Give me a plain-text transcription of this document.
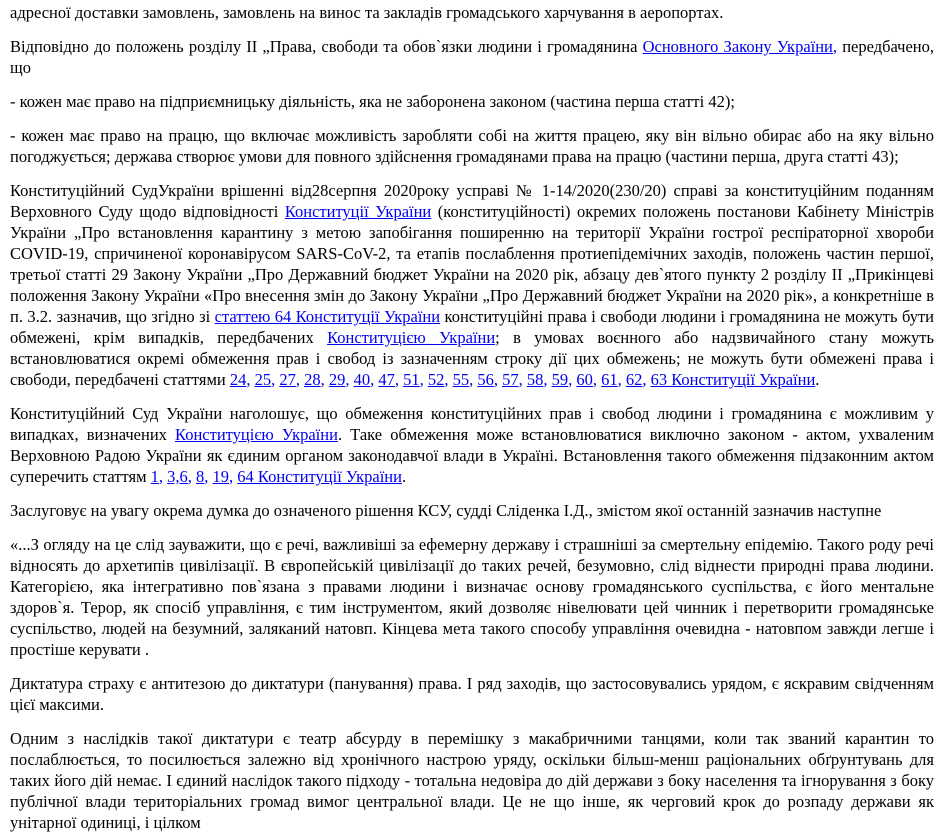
адресної доставки замовлень, замовлень на винос та закладів громадського харчування в аеропортах.

Відповідно до положень розділу ІІ „Права, свободи та обов`язки людини і громадянина Основного Закону України, передбачено, що

- кожен має право на підприємницьку діяльність, яка не заборонена законом (частина перша статті 42);

- кожен має право на працю, що включає можливість заробляти собі на життя працею, яку він вільно обирає або на яку вільно погоджується; держава створює умови для повного здійснення громадянами права на працю (частини перша, друга статті 43);

Конституційний СудУкраїни врішенні від28серпня 2020року усправі № 1-14/2020(230/20) справі за конституційним поданням Верховного Суду щодо відповідності Конституції України (конституційності) окремих положень постанови Кабінету Міністрів України „Про встановлення карантину з метою запобігання поширенню на території України гострої респіраторної хвороби COVID-19, спричиненої коронавірусом SARS-CoV-2, та етапів послаблення протиепідемічних заходів, положень частин першої, третьої статті 29 Закону України „Про Державний бюджет України на 2020 рік, абзацу дев`ятого пункту 2 розділу ІІ „Прикінцеві положення Закону України «Про внесення змін до Закону України „Про Державний бюджет України на 2020 рік», а конкретніше в п. 3.2. зазначив, що згідно зі статтею 64 Конституції України конституційні права і свободи людини і громадянина не можуть бути обмежені, крім випадків, передбачених Конституцією України; в умовах воєнного або надзвичайного стану можуть встановлюватися окремі обмеження прав і свобод із зазначенням строку дії цих обмежень; не можуть бути обмежені права і свободи, передбачені статтями 24, 25, 27, 28, 29, 40, 47, 51, 52, 55, 56, 57, 58, 59, 60, 61, 62, 63 Конституції України.

Конституційний Суд України наголошує, що обмеження конституційних прав і свобод людини і громадянина є можливим у випадках, визначених Конституцією України. Таке обмеження може встановлюватися виключно законом - актом, ухваленим Верховною Радою України як єдиним органом законодавчої влади в Україні. Встановлення такого обмеження підзаконним актом суперечить статтям 1, 3,6, 8, 19, 64 Конституції України.

Заслуговує на увагу окрема думка до означеного рішення КСУ, судді Сліденка І.Д., змістом якої останній зазначив наступне

«...З огляду на це слід зауважити, що є речі, важливіші за ефемерну державу і страшніші за смертельну епідемію. Такого роду речі відносять до архетипів цивілізації. В європейській цивілізації до таких речей, безумовно, слід віднести природні права людини. Категорією, яка інтегративно пов`язана з правами людини і визначає основу громадянського суспільства, є його ментальне здоров`я. Терор, як спосіб управління, є тим інструментом, який дозволяє нівелювати цей чинник і перетворити громадянське суспільство, людей на безумний, заляканий натовп. Кінцева мета такого способу управління очевидна - натовпом завжди легше і простіше керувати .

Диктатура страху є антитезою до диктатури (панування) права. І ряд заходів, що застосовувались урядом, є яскравим свідченням цієї максими.

Одним з наслідків такої диктатури є театр абсурду в перемішку з макабричними танцями, коли так званий карантин то послаблюється, то посилюється залежно від хронічного настрою уряду, оскільки більш-менш раціональних обґрунтувань для таких його дій немає. І єдиний наслідок такого підходу - тотальна недовіра до дій держави з боку населення та ігнорування з боку публічної влади територіальних громад вимог центральної влади. Це не що інше, як черговий крок до розпаду держави як унітарної одиниці, і цілком
